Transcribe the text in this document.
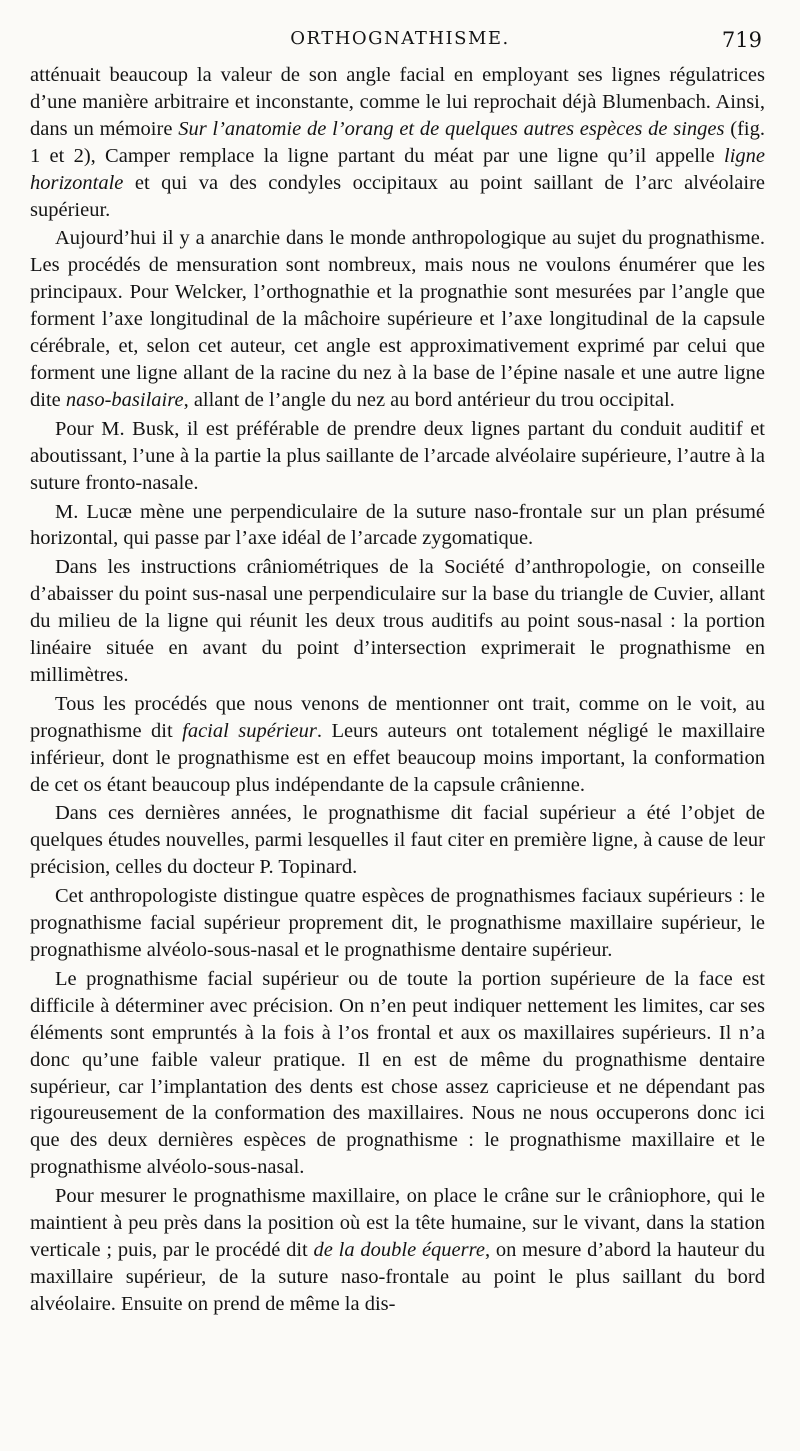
ORTHOGNATHISME.	719

atténuait beaucoup la valeur de son angle facial en employant ses lignes régulatrices d’une manière arbitraire et inconstante, comme le lui reprochait déjà Blumenbach. Ainsi, dans un mémoire Sur l’anatomie de l’orang et de quelques autres espèces de singes (fig. 1 et 2), Camper remplace la ligne partant du méat par une ligne qu’il appelle ligne horizontale et qui va des condyles occipitaux au point saillant de l’arc alvéolaire supérieur.

Aujourd’hui il y a anarchie dans le monde anthropologique au sujet du prognathisme. Les procédés de mensuration sont nombreux, mais nous ne voulons énumérer que les principaux. Pour Welcker, l’orthognathie et la prognathie sont mesurées par l’angle que forment l’axe longitudinal de la mâchoire supérieure et l’axe longitudinal de la capsule cérébrale, et, selon cet auteur, cet angle est approximativement exprimé par celui que forment une ligne allant de la racine du nez à la base de l’épine nasale et une autre ligne dite naso-basilaire, allant de l’angle du nez au bord antérieur du trou occipital.

Pour M. Busk, il est préférable de prendre deux lignes partant du conduit auditif et aboutissant, l’une à la partie la plus saillante de l’arcade alvéolaire supérieure, l’autre à la suture fronto-nasale.

M. Lucæ mène une perpendiculaire de la suture naso-frontale sur un plan présumé horizontal, qui passe par l’axe idéal de l’arcade zygomatique.

Dans les instructions crâniométriques de la Société d’anthropologie, on conseille d’abaisser du point sus-nasal une perpendiculaire sur la base du triangle de Cuvier, allant du milieu de la ligne qui réunit les deux trous auditifs au point sous-nasal : la portion linéaire située en avant du point d’intersection exprimerait le prognathisme en millimètres.

Tous les procédés que nous venons de mentionner ont trait, comme on le voit, au prognathisme dit facial supérieur. Leurs auteurs ont totalement négligé le maxillaire inférieur, dont le prognathisme est en effet beaucoup moins important, la conformation de cet os étant beaucoup plus indépendante de la capsule crânienne.

Dans ces dernières années, le prognathisme dit facial supérieur a été l’objet de quelques études nouvelles, parmi lesquelles il faut citer en première ligne, à cause de leur précision, celles du docteur P. Topinard.

Cet anthropologiste distingue quatre espèces de prognathismes faciaux supérieurs : le prognathisme facial supérieur proprement dit, le prognathisme maxillaire supérieur, le prognathisme alvéolo-sous-nasal et le prognathisme dentaire supérieur.

Le prognathisme facial supérieur ou de toute la portion supérieure de la face est difficile à déterminer avec précision. On n’en peut indiquer nettement les limites, car ses éléments sont empruntés à la fois à l’os frontal et aux os maxillaires supérieurs. Il n’a donc qu’une faible valeur pratique. Il en est de même du prognathisme dentaire supérieur, car l’implantation des dents est chose assez capricieuse et ne dépendant pas rigoureusement de la conformation des maxillaires. Nous ne nous occuperons donc ici que des deux dernières espèces de prognathisme : le prognathisme maxillaire et le prognathisme alvéolo-sous-nasal.

Pour mesurer le prognathisme maxillaire, on place le crâne sur le crâniophore, qui le maintient à peu près dans la position où est la tête humaine, sur le vivant, dans la station verticale ; puis, par le procédé dit de la double équerre, on mesure d’abord la hauteur du maxillaire supérieur, de la suture naso-frontale au point le plus saillant du bord alvéolaire. Ensuite on prend de même la dis-
